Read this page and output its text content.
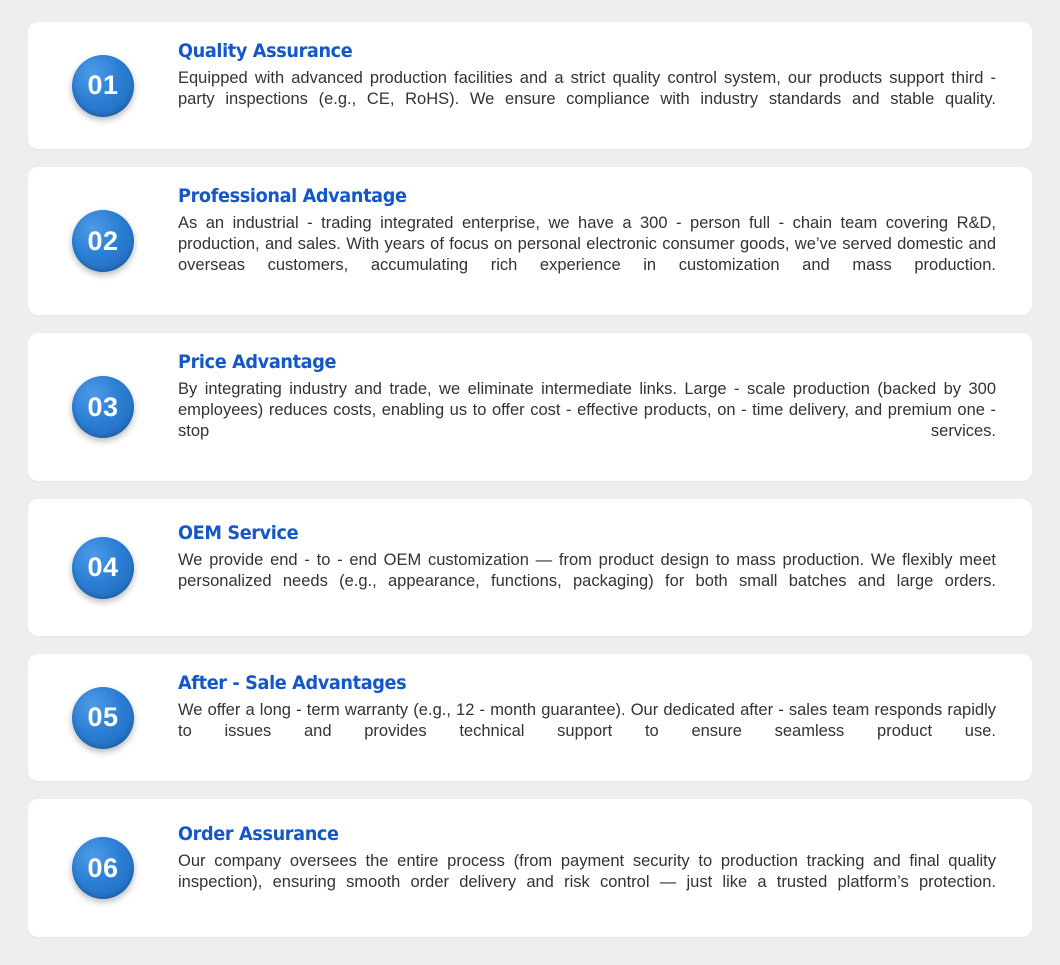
01

Quality Assurance

Equipped with advanced production facilities and a strict quality control system, our products support third - party inspections (e.g., CE, RoHS). We ensure compliance with industry standards and stable quality.

02

Professional Advantage

As an industrial - trading integrated enterprise, we have a 300 - person full - chain team covering R&D, production, and sales. With years of focus on personal electronic consumer goods, we’ve served domestic and overseas customers, accumulating rich experience in customization and mass production.

03

Price Advantage

By integrating industry and trade, we eliminate intermediate links. Large - scale production (backed by 300 employees) reduces costs, enabling us to offer cost - effective products, on - time delivery, and premium one - stop services.

04

OEM Service

We provide end - to - end OEM customization — from product design to mass production. We flexibly meet personalized needs (e.g., appearance, functions, packaging) for both small batches and large orders.

05

After - Sale Advantages

We offer a long - term warranty (e.g., 12 - month guarantee). Our dedicated after - sales team responds rapidly to issues and provides technical support to ensure seamless product use.

06

Order Assurance

Our company oversees the entire process (from payment security to production tracking and final quality inspection), ensuring smooth order delivery and risk control — just like a trusted platform’s protection.
